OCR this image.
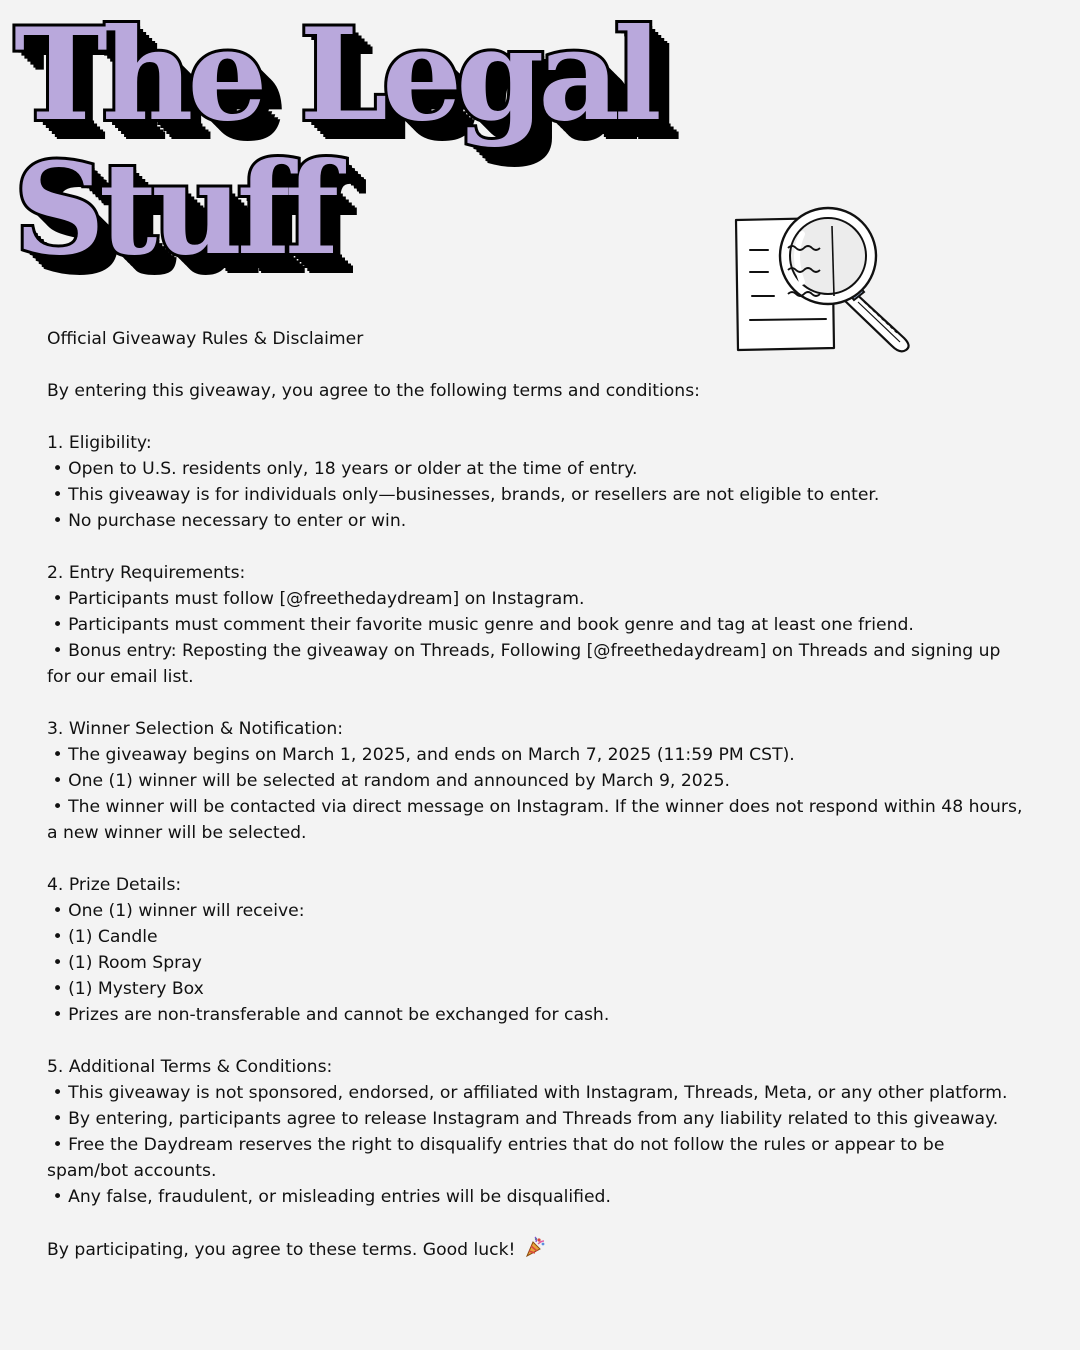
The Legal
Stuff

Official Giveaway Rules & Disclaimer

By entering this giveaway, you agree to the following terms and conditions:

1. Eligibility:

• Open to U.S. residents only, 18 years or older at the time of entry.

• This giveaway is for individuals only—businesses, brands, or resellers are not eligible to enter.

• No purchase necessary to enter or win.

2. Entry Requirements:

• Participants must follow [@freethedaydream] on Instagram.

• Participants must comment their favorite music genre and book genre and tag at least one friend.

• Bonus entry: Reposting the giveaway on Threads, Following [@freethedaydream] on Threads and signing up

for our email list.

3. Winner Selection & Notification:

• The giveaway begins on March 1, 2025, and ends on March 7, 2025 (11:59 PM CST).

• One (1) winner will be selected at random and announced by March 9, 2025.

• The winner will be contacted via direct message on Instagram. If the winner does not respond within 48 hours,

a new winner will be selected.

4. Prize Details:

• One (1) winner will receive:

• (1) Candle

• (1) Room Spray

• (1) Mystery Box

• Prizes are non-transferable and cannot be exchanged for cash.

5. Additional Terms & Conditions:

• This giveaway is not sponsored, endorsed, or affiliated with Instagram, Threads, Meta, or any other platform.

• By entering, participants agree to release Instagram and Threads from any liability related to this giveaway.

• Free the Daydream reserves the right to disqualify entries that do not follow the rules or appear to be

spam/bot accounts.

• Any false, fraudulent, or misleading entries will be disqualified.

By participating, you agree to these terms. Good luck!
